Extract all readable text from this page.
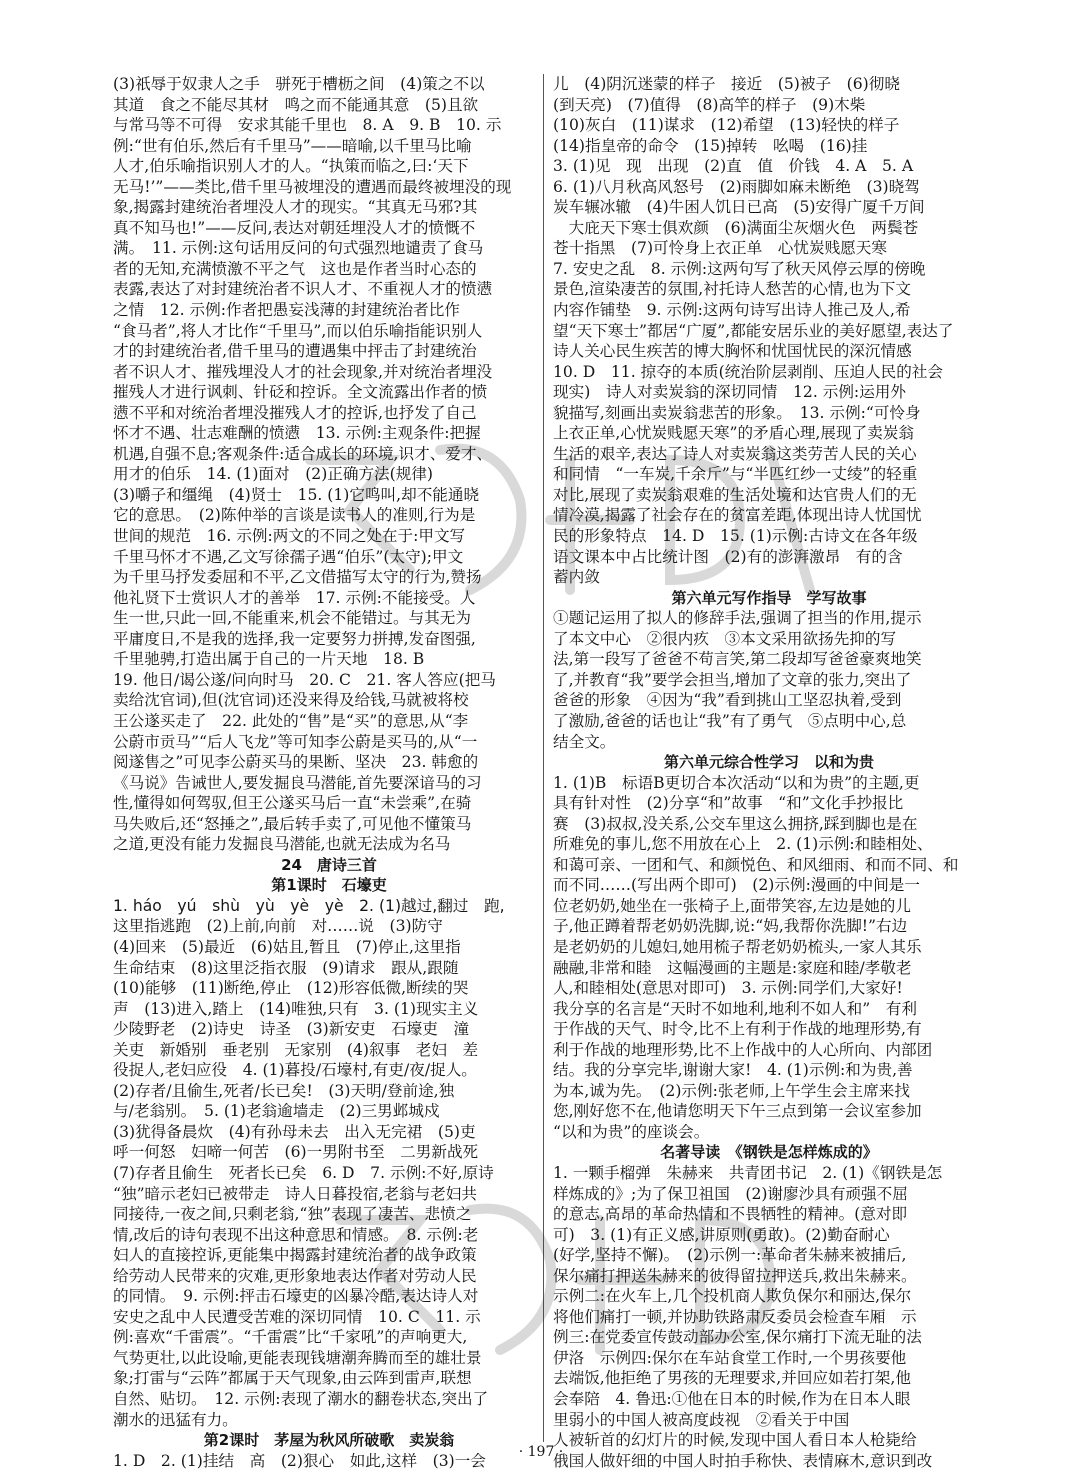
(3)祇辱于奴隶人之手　骈死于槽枥之间　(4)策之不以
其道　食之不能尽其材　鸣之而不能通其意　(5)且欲
与常马等不可得　安求其能千里也　8. A　9. B　10. 示
例:“世有伯乐,然后有千里马”——暗喻,以千里马比喻
人才,伯乐喻指识别人才的人。“执策而临之,曰:‘天下
无马!’”——类比,借千里马被埋没的遭遇而最终被埋没的现
象,揭露封建统治者埋没人才的现实。“其真无马邪?其
真不知马也!”——反问,表达对朝廷埋没人才的愤慨不
满。　11. 示例:这句话用反问的句式强烈地谴责了食马
者的无知,充满愤激不平之气　这也是作者当时心态的
表露,表达了对封建统治者不识人才、不重视人才的愤懑
之情　12. 示例:作者把愚妄浅薄的封建统治者比作
“食马者”,将人才比作“千里马”,而以伯乐喻指能识别人
才的封建统治者,借千里马的遭遇集中抨击了封建统治
者不识人才、摧残埋没人才的社会现象,并对统治者埋没
摧残人才进行讽刺、针砭和控诉。全文流露出作者的愤
懑不平和对统治者埋没摧残人才的控诉,也抒发了自己
怀才不遇、壮志难酬的愤懑　13. 示例:主观条件:把握
机遇,自强不息;客观条件:适合成长的环境,识才、爱才、
用才的伯乐　14. (1)面对　(2)正确方法(规律)
(3)嚼子和缰绳　(4)贤士　15. (1)它鸣叫,却不能通晓
它的意思。　(2)陈仲举的言谈是读书人的准则,行为是
世间的规范　16. 示例:两文的不同之处在于:甲文写
千里马怀才不遇,乙文写徐孺子遇“伯乐”(太守);甲文
为千里马抒发委屈和不平,乙文借描写太守的行为,赞扬
他礼贤下士赏识人才的善举　17. 示例:不能接受。人
生一世,只此一回,不能重来,机会不能错过。与其无为
平庸度日,不是我的选择,我一定要努力拼搏,发奋图强,
千里驰骋,打造出属于自己的一片天地　18. B
19. 他日/谒公遂/问向时马　20. C　21. 客人答应(把马
卖给沈官词),但(沈官词)还没来得及给钱,马就被将校
王公遂买走了　22. 此处的“售”是“买”的意思,从“李
公蔚市贡马”“后人飞龙”等可知李公蔚是买马的,从“一
阅遂售之”可见李公蔚买马的果断、坚决　23. 韩愈的
《马说》告诫世人,要发掘良马潜能,首先要深谙马的习
性,懂得如何驾驭,但王公遂买马后一直“未尝乘”,在骑
马失败后,还“怒捶之”,最后转手卖了,可见他不懂策马
之道,更没有能力发掘良马潜能,也就无法成为名马
24　唐诗三首
第1课时　石壕吏
1. háo　yú　shù　yù　yè　yè　2. (1)越过,翻过　跑,
这里指逃跑　(2)上前,向前　对……说　(3)防守
(4)回来　(5)最近　(6)姑且,暂且　(7)停止,这里指
生命结束　(8)这里泛指衣服　(9)请求　跟从,跟随
(10)能够　(11)断绝,停止　(12)形容低微,断续的哭
声　(13)进入,踏上　(14)唯独,只有　3. (1)现实主义
少陵野老　(2)诗史　诗圣　(3)新安吏　石壕吏　潼
关吏　新婚别　垂老别　无家别　(4)叙事　老妇　差
役捉人,老妇应役　4. (1)暮投/石壕村,有吏/夜/捉人。
(2)存者/且偷生,死者/长已矣!　(3)天明/登前途,独
与/老翁别。　5. (1)老翁逾墙走　(2)三男邺城戍
(3)犹得备晨炊　(4)有孙母未去　出入无完裙　(5)吏
呼一何怒　妇啼一何苦　(6)一男附书至　二男新战死
(7)存者且偷生　死者长已矣　6. D　7. 示例:不好,原诗
“独”暗示老妇已被带走　诗人日暮投宿,老翁与老妇共
同接待,一夜之间,只剩老翁,“独”表现了凄苦、悲愤之
情,改后的诗句表现不出这种意思和情感。　8. 示例:老
妇人的直接控诉,更能集中揭露封建统治者的战争政策
给劳动人民带来的灾难,更形象地表达作者对劳动人民
的同情。　9. 示例:抨击石壕吏的凶暴冷酷,表达诗人对
安史之乱中人民遭受苦难的深切同情　10. C　11. 示
例:喜欢“千雷震”。“千雷震”比“千家吼”的声响更大,
气势更壮,以此设喻,更能表现钱塘潮奔腾而至的雄壮景
象;打雷与“云阵”都属于天气现象,由云阵到雷声,联想
自然、贴切。　12. 示例:表现了潮水的翻卷状态,突出了
潮水的迅猛有力。
第2课时　茅屋为秋风所破歌　卖炭翁
1. D　2. (1)挂结　高　(2)狠心　如此,这样　(3)一会
儿　(4)阴沉迷蒙的样子　接近　(5)被子　(6)彻晓
(到天亮)　(7)值得　(8)高竿的样子　(9)木柴
(10)灰白　(11)谋求　(12)希望　(13)轻快的样子
(14)指皇帝的命令　(15)掉转　吆喝　(16)挂
3. (1)见　现　出现　(2)直　值　价钱　4. A　5. A
6. (1)八月秋高风怒号　(2)雨脚如麻未断绝　(3)晓驾
炭车辗冰辙　(4)牛困人饥日已高　(5)安得广厦千万间
　大庇天下寒士俱欢颜　(6)满面尘灰烟火色　两鬓苍
苍十指黑　(7)可怜身上衣正单　心忧炭贱愿天寒
7. 安史之乱　8. 示例:这两句写了秋天风停云厚的傍晚
景色,渲染凄苦的氛围,衬托诗人愁苦的心情,也为下文
内容作铺垫　9. 示例:这两句诗写出诗人推己及人,希
望“天下寒士”都居“广厦”,都能安居乐业的美好愿望,表达了
诗人关心民生疾苦的博大胸怀和忧国忧民的深沉情感
10. D　11. 掠夺的本质(统治阶层剥削、压迫人民的社会
现实)　诗人对卖炭翁的深切同情　12. 示例:运用外
貌描写,刻画出卖炭翁悲苦的形象。　13. 示例:“可怜身
上衣正单,心忧炭贱愿天寒”的矛盾心理,展现了卖炭翁
生活的艰辛,表达了诗人对卖炭翁这类劳苦人民的关心
和同情　“一车炭,千余斤”与“半匹红纱一丈绫”的轻重
对比,展现了卖炭翁艰难的生活处境和达官贵人们的无
情冷漠,揭露了社会存在的贫富差距,体现出诗人忧国忧
民的形象特点　14. D　15. (1)示例:古诗文在各年级
语文课本中占比统计图　(2)有的澎湃激昂　有的含
蓄内敛
第六单元写作指导　学写故事
①题记运用了拟人的修辞手法,强调了担当的作用,提示
了本文中心　②很内疚　③本文采用欲扬先抑的写
法,第一段写了爸爸不苟言笑,第二段却写爸爸豪爽地笑
了,并教育“我”要学会担当,增加了文章的张力,突出了
爸爸的形象　④因为“我”看到挑山工坚忍执着,受到
了激励,爸爸的话也让“我”有了勇气　⑤点明中心,总
结全文。
第六单元综合性学习　以和为贵
1. (1)B　标语B更切合本次活动“以和为贵”的主题,更
具有针对性　(2)分享“和”故事　“和”文化手抄报比
赛　(3)叔叔,没关系,公交车里这么拥挤,踩到脚也是在
所难免的事儿,您不用放在心上　2. (1)示例:和睦相处、
和蔼可亲、一团和气、和颜悦色、和风细雨、和而不同、和
而不同……(写出两个即可)　(2)示例:漫画的中间是一
位老奶奶,她坐在一张椅子上,面带笑容,左边是她的儿
子,他正蹲着帮老奶奶洗脚,说:“妈,我帮你洗脚!”右边
是老奶奶的儿媳妇,她用梳子帮老奶奶梳头,一家人其乐
融融,非常和睦　这幅漫画的主题是:家庭和睦/孝敬老
人,和睦相处(意思对即可)　3. 示例:同学们,大家好!
我分享的名言是“天时不如地利,地利不如人和”　有利
于作战的天气、时令,比不上有利于作战的地理形势,有
利于作战的地理形势,比不上作战中的人心所向、内部团
结。我的分享完毕,谢谢大家!　4. (1)示例:和为贵,善
为本,诚为先。　(2)示例:张老师,上午学生会主席来找
您,刚好您不在,他请您明天下午三点到第一会议室参加
“以和为贵”的座谈会。
名著导读　《钢铁是怎样炼成的》
1. 一颗手榴弹　朱赫来　共青团书记　2. (1)《钢铁是怎
样炼成的》;为了保卫祖国　(2)谢廖沙具有顽强不屈
的意志,高昂的革命热情和不畏牺牲的精神。(意对即
可)　3. (1)有正义感,讲原则(勇敢)。(2)勤奋耐心
(好学,坚持不懈)。　(2)示例一:革命者朱赫来被捕后,
保尔痛打押送朱赫来的彼得留拉押送兵,救出朱赫来。
示例二:在火车上,几个投机商人欺负保尔和丽达,保尔
将他们痛打一顿,并协助铁路肃反委员会检查车厢　示
例三:在党委宣传鼓动部办公室,保尔痛打下流无耻的法
伊洛　示例四:保尔在车站食堂工作时,一个男孩要他
去端饭,他拒绝了男孩的无理要求,并回应如若打架,他
会奉陪　4. 鲁迅:①他在日本的时候,作为在日本人眼
里弱小的中国人被高度歧视　②看关于中国
人被斩首的幻灯片的时候,发现中国人看日本人枪毙给
俄国人做奸细的中国人时拍手称快、表情麻木,意识到改
· 197 ·
